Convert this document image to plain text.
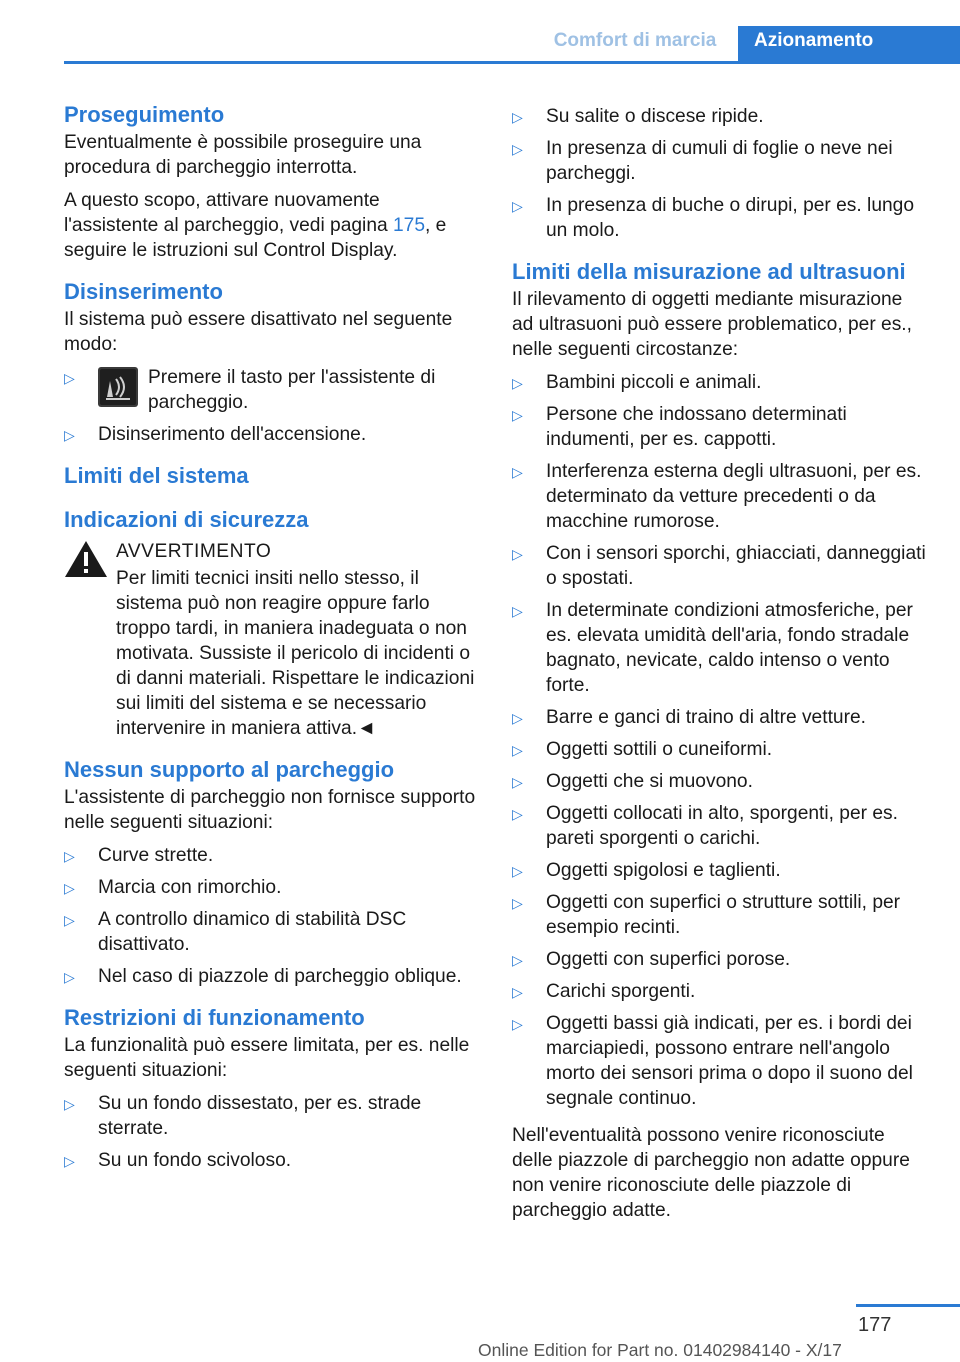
Comfort di marcia	Azionamento
Proseguimento

Eventualmente è possibile proseguire una procedura di parcheggio interrotta.

A questo scopo, attivare nuovamente l'assistente al parcheggio, vedi pagina 175, e seguire le istruzioni sul Control Display.

Disinserimento

Il sistema può essere disattivato nel seguente modo:

▷	Premere il tasto per l'assistente di parcheggio.
▷ Disinserimento dell'accensione.
Limiti del sistema
Indicazioni di sicurezza

AVVERTIMENTO

Per limiti tecnici insiti nello stesso, il sistema può non reagire oppure farlo troppo tardi, in maniera inadeguata o non motivata. Sussiste il pericolo di incidenti o di danni materiali. Rispettare le indicazioni sui limiti del sistema e se necessario intervenire in maniera attiva.◄

Nessun supporto al parcheggio

L'assistente di parcheggio non fornisce supporto nelle seguenti situazioni:

▷ Curve strette.
▷ Marcia con rimorchio.
▷ A controllo dinamico di stabilità DSC disattivato.
▷ Nel caso di piazzole di parcheggio oblique.
Restrizioni di funzionamento

La funzionalità può essere limitata, per es. nelle seguenti situazioni:

▷ Su un fondo dissestato, per es. strade sterrate.
▷ Su un fondo scivoloso.
▷ Su salite o discese ripide.
▷ In presenza di cumuli di foglie o neve nei parcheggi.
▷ In presenza di buche o dirupi, per es. lungo un molo.
Limiti della misurazione ad ultrasuoni

Il rilevamento di oggetti mediante misurazione ad ultrasuoni può essere problematico, per es., nelle seguenti circostanze:

▷ Bambini piccoli e animali.
▷ Persone che indossano determinati indumenti, per es. cappotti.
▷ Interferenza esterna degli ultrasuoni, per es. determinato da vetture precedenti o da macchine rumorose.
▷ Con i sensori sporchi, ghiacciati, danneggiati o spostati.
▷ In determinate condizioni atmosferiche, per es. elevata umidità dell'aria, fondo stradale bagnato, nevicate, caldo intenso o vento forte.
▷ Barre e ganci di traino di altre vetture.
▷ Oggetti sottili o cuneiformi.
▷ Oggetti che si muovono.
▷ Oggetti collocati in alto, sporgenti, per es. pareti sporgenti o carichi.
▷ Oggetti spigolosi e taglienti.
▷ Oggetti con superfici o strutture sottili, per esempio recinti.
▷ Oggetti con superfici porose.
▷ Carichi sporgenti.
▷ Oggetti bassi già indicati, per es. i bordi dei marciapiedi, possono entrare nell'angolo morto dei sensori prima o dopo il suono del segnale continuo.

Nell'eventualità possono venire riconosciute delle piazzole di parcheggio non adatte oppure non venire riconosciute delle piazzole di parcheggio adatte.

177
Online Edition for Part no. 01402984140 - X/17
